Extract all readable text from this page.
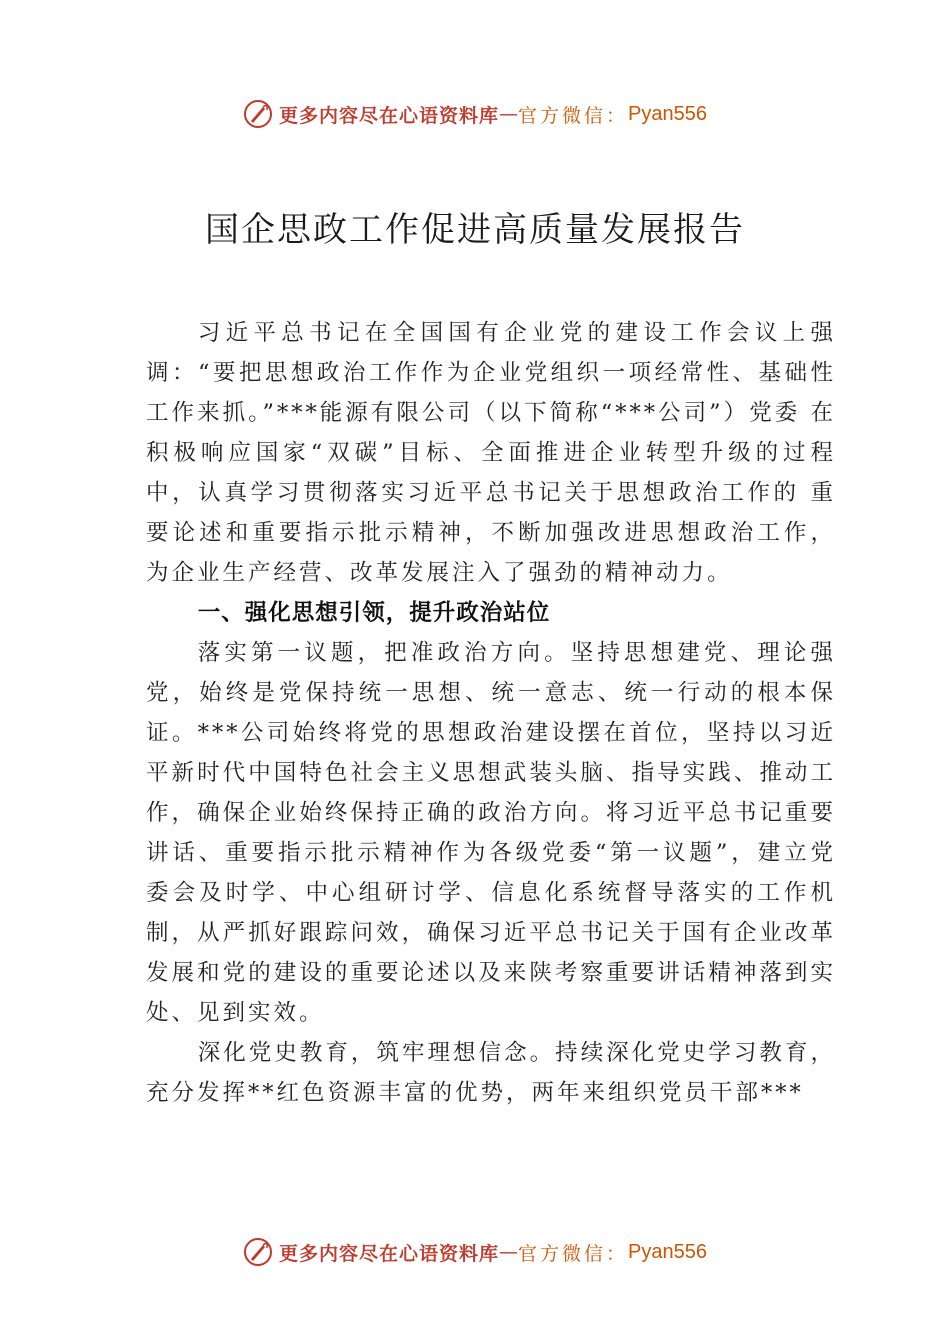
更多内容尽在心语资料库 — 官方微信： Pyan556
国企思政工作促进高质量发展报告

习近平总书记在全国国有企业党的建设工作会议上强调：“要把思想政治工作作为企业党组织一项经常性、基础性 工作来抓。”***能源有限公司（以下简称“***公司”）党委 在积极响应国家“双碳”目标、全面推进企业转型升级的过程中，认真学习贯彻落实习近平总书记关于思想政治工作的 重要论述和重要指示批示精神，不断加强改进思想政治工作， 为企业生产经营、改革发展注入了强劲的精神动力。

一、强化思想引领，提升政治站位

落实第一议题，把准政治方向。坚持思想建党、理论强党，始终是党保持统一思想、统一意志、统一行动的根本保证。***公司始终将党的思想政治建设摆在首位，坚持以习近平新时代中国特色社会主义思想武装头脑、指导实践、推动工作，确保企业始终保持正确的政治方向。将习近平总书记重要讲话、重要指示批示精神作为各级党委“第一议题”，建立党委会及时学、中心组研讨学、信息化系统督导落实的工作机制，从严抓好跟踪问效，确保习近平总书记关于国有企业改革发展和党的建设的重要论述以及来陕考察重要讲话精神落到实处、见到实效。

深化党史教育，筑牢理想信念。持续深化党史学习教育，充分发挥**红色资源丰富的优势，两年来组织党员干部***

更多内容尽在心语资料库 — 官方微信： Pyan556
